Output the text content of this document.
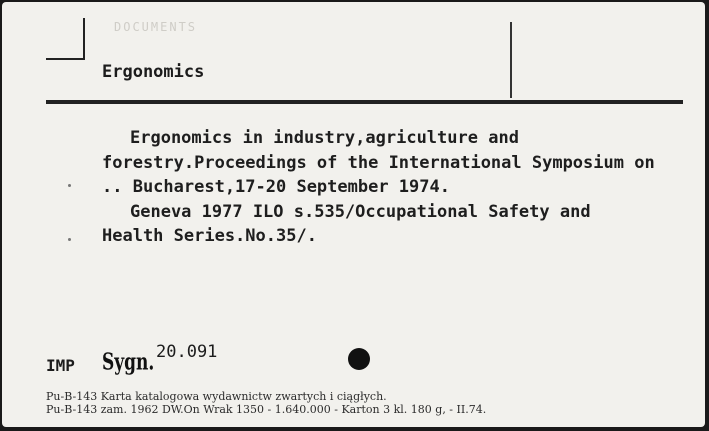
DOCUMENTS
Ergonomics

Ergonomics in industry,agriculture and forestry.Proceedings of the International Symposium on .. Bucharest,17-20 September 1974.

Geneva 1977 ILO s.535/Occupational Safety and Health Series.No.35/.

IMP Sygn. 20.091
Pu-B-143 Karta katalogowa wydawnictw zwartych i ciągłych.
Pu-B-143 zam. 1962 DW.On Wrak 1350 - 1.640.000 - Karton 3 kl. 180 g, - II.74.
